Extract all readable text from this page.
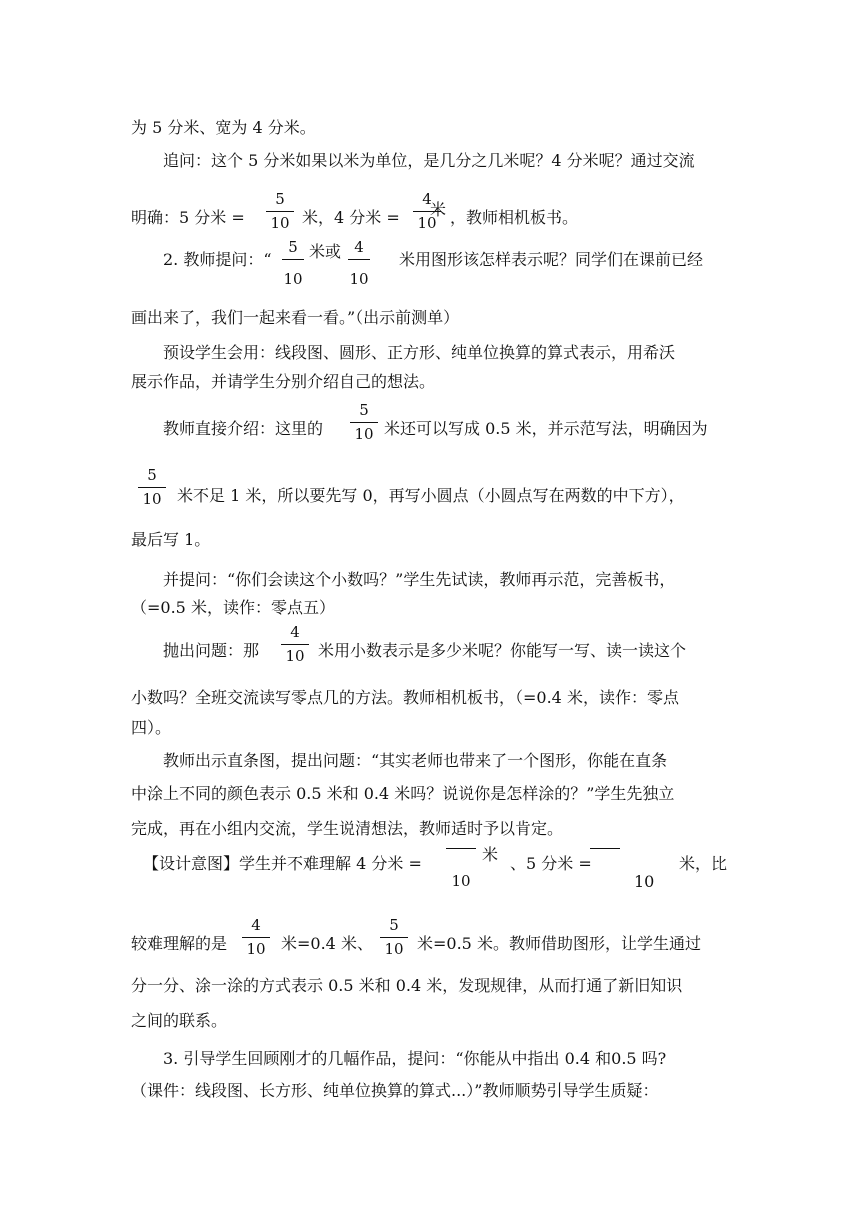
为 5 分米、宽为 4 分米。
追问：这个 5 分米如果以米为单位，是几分之几米呢？4 分米呢？通过交流
明确：5 分米 =
5
10 米，4 分米 =
4
10
米 ，教师相机板书。
2. 教师提问：“
5
10
米或 4
10
米用图形该怎样表示呢？同学们在课前已经
画出来了，我们一起来看一看。”（出示前测单）
预设学生会用：线段图、圆形、正方形、纯单位换算的算式表示，用希沃
展示作品，并请学生分别介绍自己的想法。
教师直接介绍：这里的
5
10 米还可以写成 0.5 米，并示范写法，明确因为
5
10 米不足 1 米，所以要先写 0，再写小圆点（小圆点写在两数的中下方），
最后写 1。
并提问：“你们会读这个小数吗？”学生先试读，教师再示范，完善板书，
（=0.5 米，读作：零点五）
抛出问题：那
4
10 米用小数表示是多少米呢？你能写一写、读一读这个
小数吗？全班交流读写零点几的方法。教师相机板书，（=0.4 米，读作：零点
四）。
教师出示直条图，提出问题：“其实老师也带来了一个图形，你能在直条
中涂上不同的颜色表示 0.5 米和 0.4 米吗？说说你是怎样涂的？”学生先独立
完成，再在小组内交流，学生说清想法，教师适时予以肯定。
【设计意图】学生并不难理解 4 分米 =
10
米 、5 分米 =
10
米，比
较难理解的是
4
10 米=0.4 米、
5
10 米=0.5 米。教师借助图形，让学生通过
分一分、涂一涂的方式表示 0.5 米和 0.4 米，发现规律，从而打通了新旧知识
之间的联系。
3. 引导学生回顾刚才的几幅作品，提问：“你能从中指出 0.4 和0.5 吗?
（课件：线段图、长方形、纯单位换算的算式...）”教师顺势引导学生质疑：
